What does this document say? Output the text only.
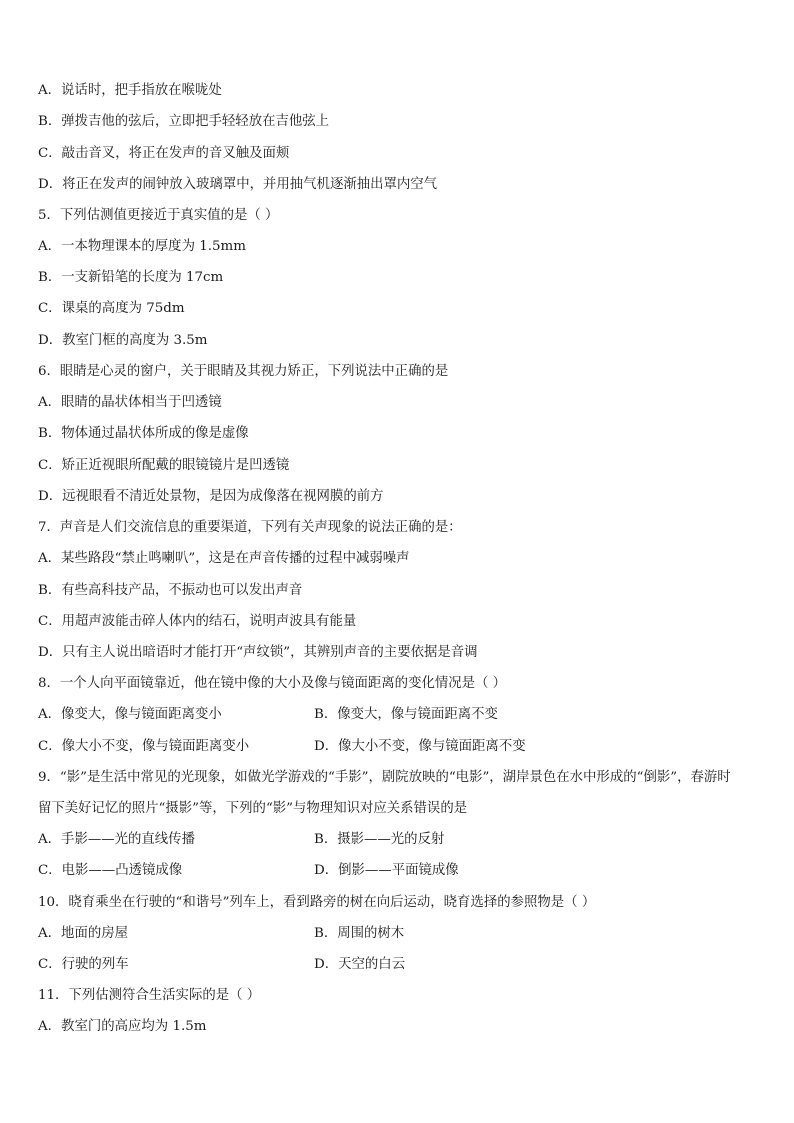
A．说话时，把手指放在喉咙处
B．弹拨吉他的弦后，立即把手轻轻放在吉他弦上
C．敲击音叉，将正在发声的音叉触及面颊
D．将正在发声的闹钟放入玻璃罩中，并用抽气机逐渐抽出罩内空气
5．下列估测值更接近于真实值的是（ ）
A．一本物理课本的厚度为 1.5mm
B．一支新铅笔的长度为 17cm
C．课桌的高度为 75dm
D．教室门框的高度为 3.5m
6．眼睛是心灵的窗户，关于眼睛及其视力矫正，下列说法中正确的是
A．眼睛的晶状体相当于凹透镜
B．物体通过晶状体所成的像是虚像
C．矫正近视眼所配戴的眼镜镜片是凹透镜
D．远视眼看不清近处景物，是因为成像落在视网膜的前方
7．声音是人们交流信息的重要渠道，下列有关声现象的说法正确的是：
A．某些路段“禁止鸣喇叭”，这是在声音传播的过程中减弱噪声
B．有些高科技产品，不振动也可以发出声音
C．用超声波能击碎人体内的结石，说明声波具有能量
D．只有主人说出暗语时才能打开“声纹锁”，其辨别声音的主要依据是音调
8．一个人向平面镜靠近，他在镜中像的大小及像与镜面距离的变化情况是（ ）
A．像变大，像与镜面距离变小	B．像变大，像与镜面距离不变
C．像大小不变，像与镜面距离变小	D．像大小不变，像与镜面距离不变
9．“影”是生活中常见的光现象，如做光学游戏的“手影”，剧院放映的“电影”，湖岸景色在水中形成的“倒影”，春游时
留下美好记忆的照片“摄影”等，下列的“影”与物理知识对应关系错误的是
A．手影——光的直线传播	B．摄影——光的反射
C．电影——凸透镜成像	D．倒影——平面镜成像
10．晓育乘坐在行驶的“和谐号”列车上，看到路旁的树在向后运动，晓育选择的参照物是（ ）
A．地面的房屋	B．周围的树木
C．行驶的列车	D．天空的白云
11．下列估测符合生活实际的是（ ）
A．教室门的高应均为 1.5m
